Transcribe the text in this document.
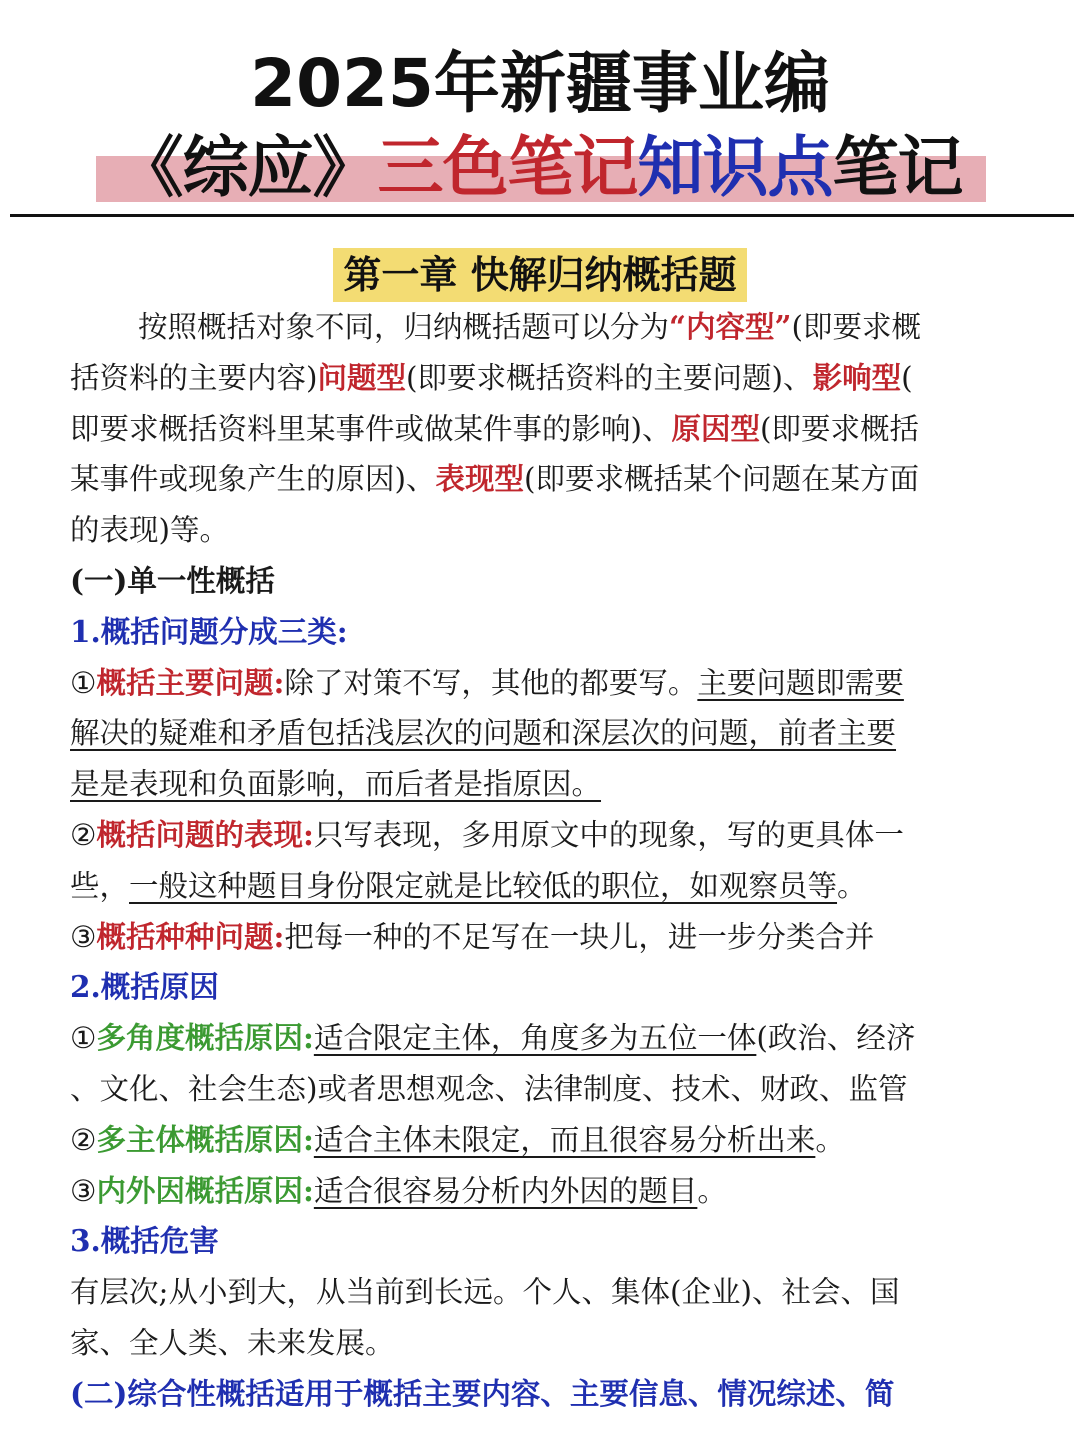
2025年新疆事业编
《综应》三色笔记知识点笔记
第一章 快解归纳概括题
按照概括对象不同，归纳概括题可以分为“内容型”(即要求概
括资料的主要内容)问题型(即要求概括资料的主要问题)、影响型(
即要求概括资料里某事件或做某件事的影响)、原因型(即要求概括
某事件或现象产生的原因)、表现型(即要求概括某个问题在某方面
的表现)等。
(一)单一性概括
1.概括问题分成三类:
①概括主要问题:除了对策不写，其他的都要写。主要问题即需要
解决的疑难和矛盾包括浅层次的问题和深层次的问题，前者主要
是是表现和负面影响，而后者是指原因。
②概括问题的表现:只写表现，多用原文中的现象，写的更具体一
些，一般这种题目身份限定就是比较低的职位，如观察员等。
③概括种种问题:把每一种的不足写在一块儿，进一步分类合并
2.概括原因
①多角度概括原因:适合限定主体，角度多为五位一体(政治、经济
、文化、社会生态)或者思想观念、法律制度、技术、财政、监管
②多主体概括原因:适合主体未限定，而且很容易分析出来。
③内外因概括原因:适合很容易分析内外因的题目。
3.概括危害
有层次;从小到大，从当前到长远。个人、集体(企业)、社会、国
家、全人类、未来发展。
(二)综合性概括适用于概括主要内容、主要信息、情况综述、简
